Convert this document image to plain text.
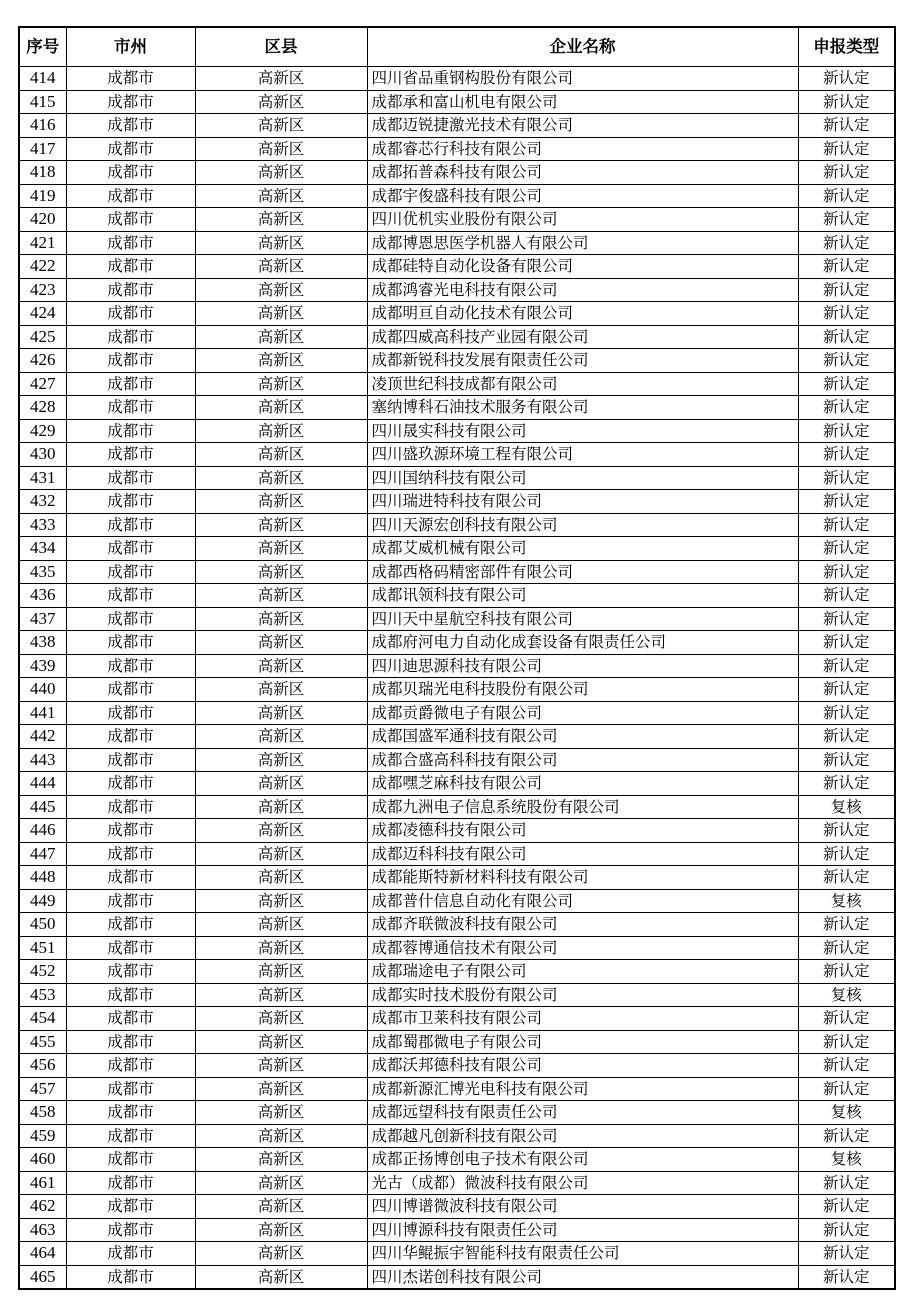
序号	市州	区县	企业名称	申报类型
414	成都市	高新区	四川省品重钢构股份有限公司	新认定
415	成都市	高新区	成都承和富山机电有限公司	新认定
416	成都市	高新区	成都迈锐捷激光技术有限公司	新认定
417	成都市	高新区	成都睿芯行科技有限公司	新认定
418	成都市	高新区	成都拓普森科技有限公司	新认定
419	成都市	高新区	成都宇俊盛科技有限公司	新认定
420	成都市	高新区	四川优机实业股份有限公司	新认定
421	成都市	高新区	成都博恩思医学机器人有限公司	新认定
422	成都市	高新区	成都硅特自动化设备有限公司	新认定
423	成都市	高新区	成都鸿睿光电科技有限公司	新认定
424	成都市	高新区	成都明亘自动化技术有限公司	新认定
425	成都市	高新区	成都四威高科技产业园有限公司	新认定
426	成都市	高新区	成都新锐科技发展有限责任公司	新认定
427	成都市	高新区	凌顶世纪科技成都有限公司	新认定
428	成都市	高新区	塞纳博科石油技术服务有限公司	新认定
429	成都市	高新区	四川晟实科技有限公司	新认定
430	成都市	高新区	四川盛玖源环境工程有限公司	新认定
431	成都市	高新区	四川国纳科技有限公司	新认定
432	成都市	高新区	四川瑞进特科技有限公司	新认定
433	成都市	高新区	四川天源宏创科技有限公司	新认定
434	成都市	高新区	成都艾威机械有限公司	新认定
435	成都市	高新区	成都西格码精密部件有限公司	新认定
436	成都市	高新区	成都讯领科技有限公司	新认定
437	成都市	高新区	四川天中星航空科技有限公司	新认定
438	成都市	高新区	成都府河电力自动化成套设备有限责任公司	新认定
439	成都市	高新区	四川迪思源科技有限公司	新认定
440	成都市	高新区	成都贝瑞光电科技股份有限公司	新认定
441	成都市	高新区	成都贡爵微电子有限公司	新认定
442	成都市	高新区	成都国盛军通科技有限公司	新认定
443	成都市	高新区	成都合盛高科科技有限公司	新认定
444	成都市	高新区	成都嘿芝麻科技有限公司	新认定
445	成都市	高新区	成都九洲电子信息系统股份有限公司	复核
446	成都市	高新区	成都凌德科技有限公司	新认定
447	成都市	高新区	成都迈科科技有限公司	新认定
448	成都市	高新区	成都能斯特新材料科技有限公司	新认定
449	成都市	高新区	成都普什信息自动化有限公司	复核
450	成都市	高新区	成都齐联微波科技有限公司	新认定
451	成都市	高新区	成都蓉博通信技术有限公司	新认定
452	成都市	高新区	成都瑞途电子有限公司	新认定
453	成都市	高新区	成都实时技术股份有限公司	复核
454	成都市	高新区	成都市卫莱科技有限公司	新认定
455	成都市	高新区	成都蜀郡微电子有限公司	新认定
456	成都市	高新区	成都沃邦德科技有限公司	新认定
457	成都市	高新区	成都新源汇博光电科技有限公司	新认定
458	成都市	高新区	成都远望科技有限责任公司	复核
459	成都市	高新区	成都越凡创新科技有限公司	新认定
460	成都市	高新区	成都正扬博创电子技术有限公司	复核
461	成都市	高新区	光古（成都）微波科技有限公司	新认定
462	成都市	高新区	四川博谱微波科技有限公司	新认定
463	成都市	高新区	四川博源科技有限责任公司	新认定
464	成都市	高新区	四川华鲲振宇智能科技有限责任公司	新认定
465	成都市	高新区	四川杰诺创科技有限公司	新认定
